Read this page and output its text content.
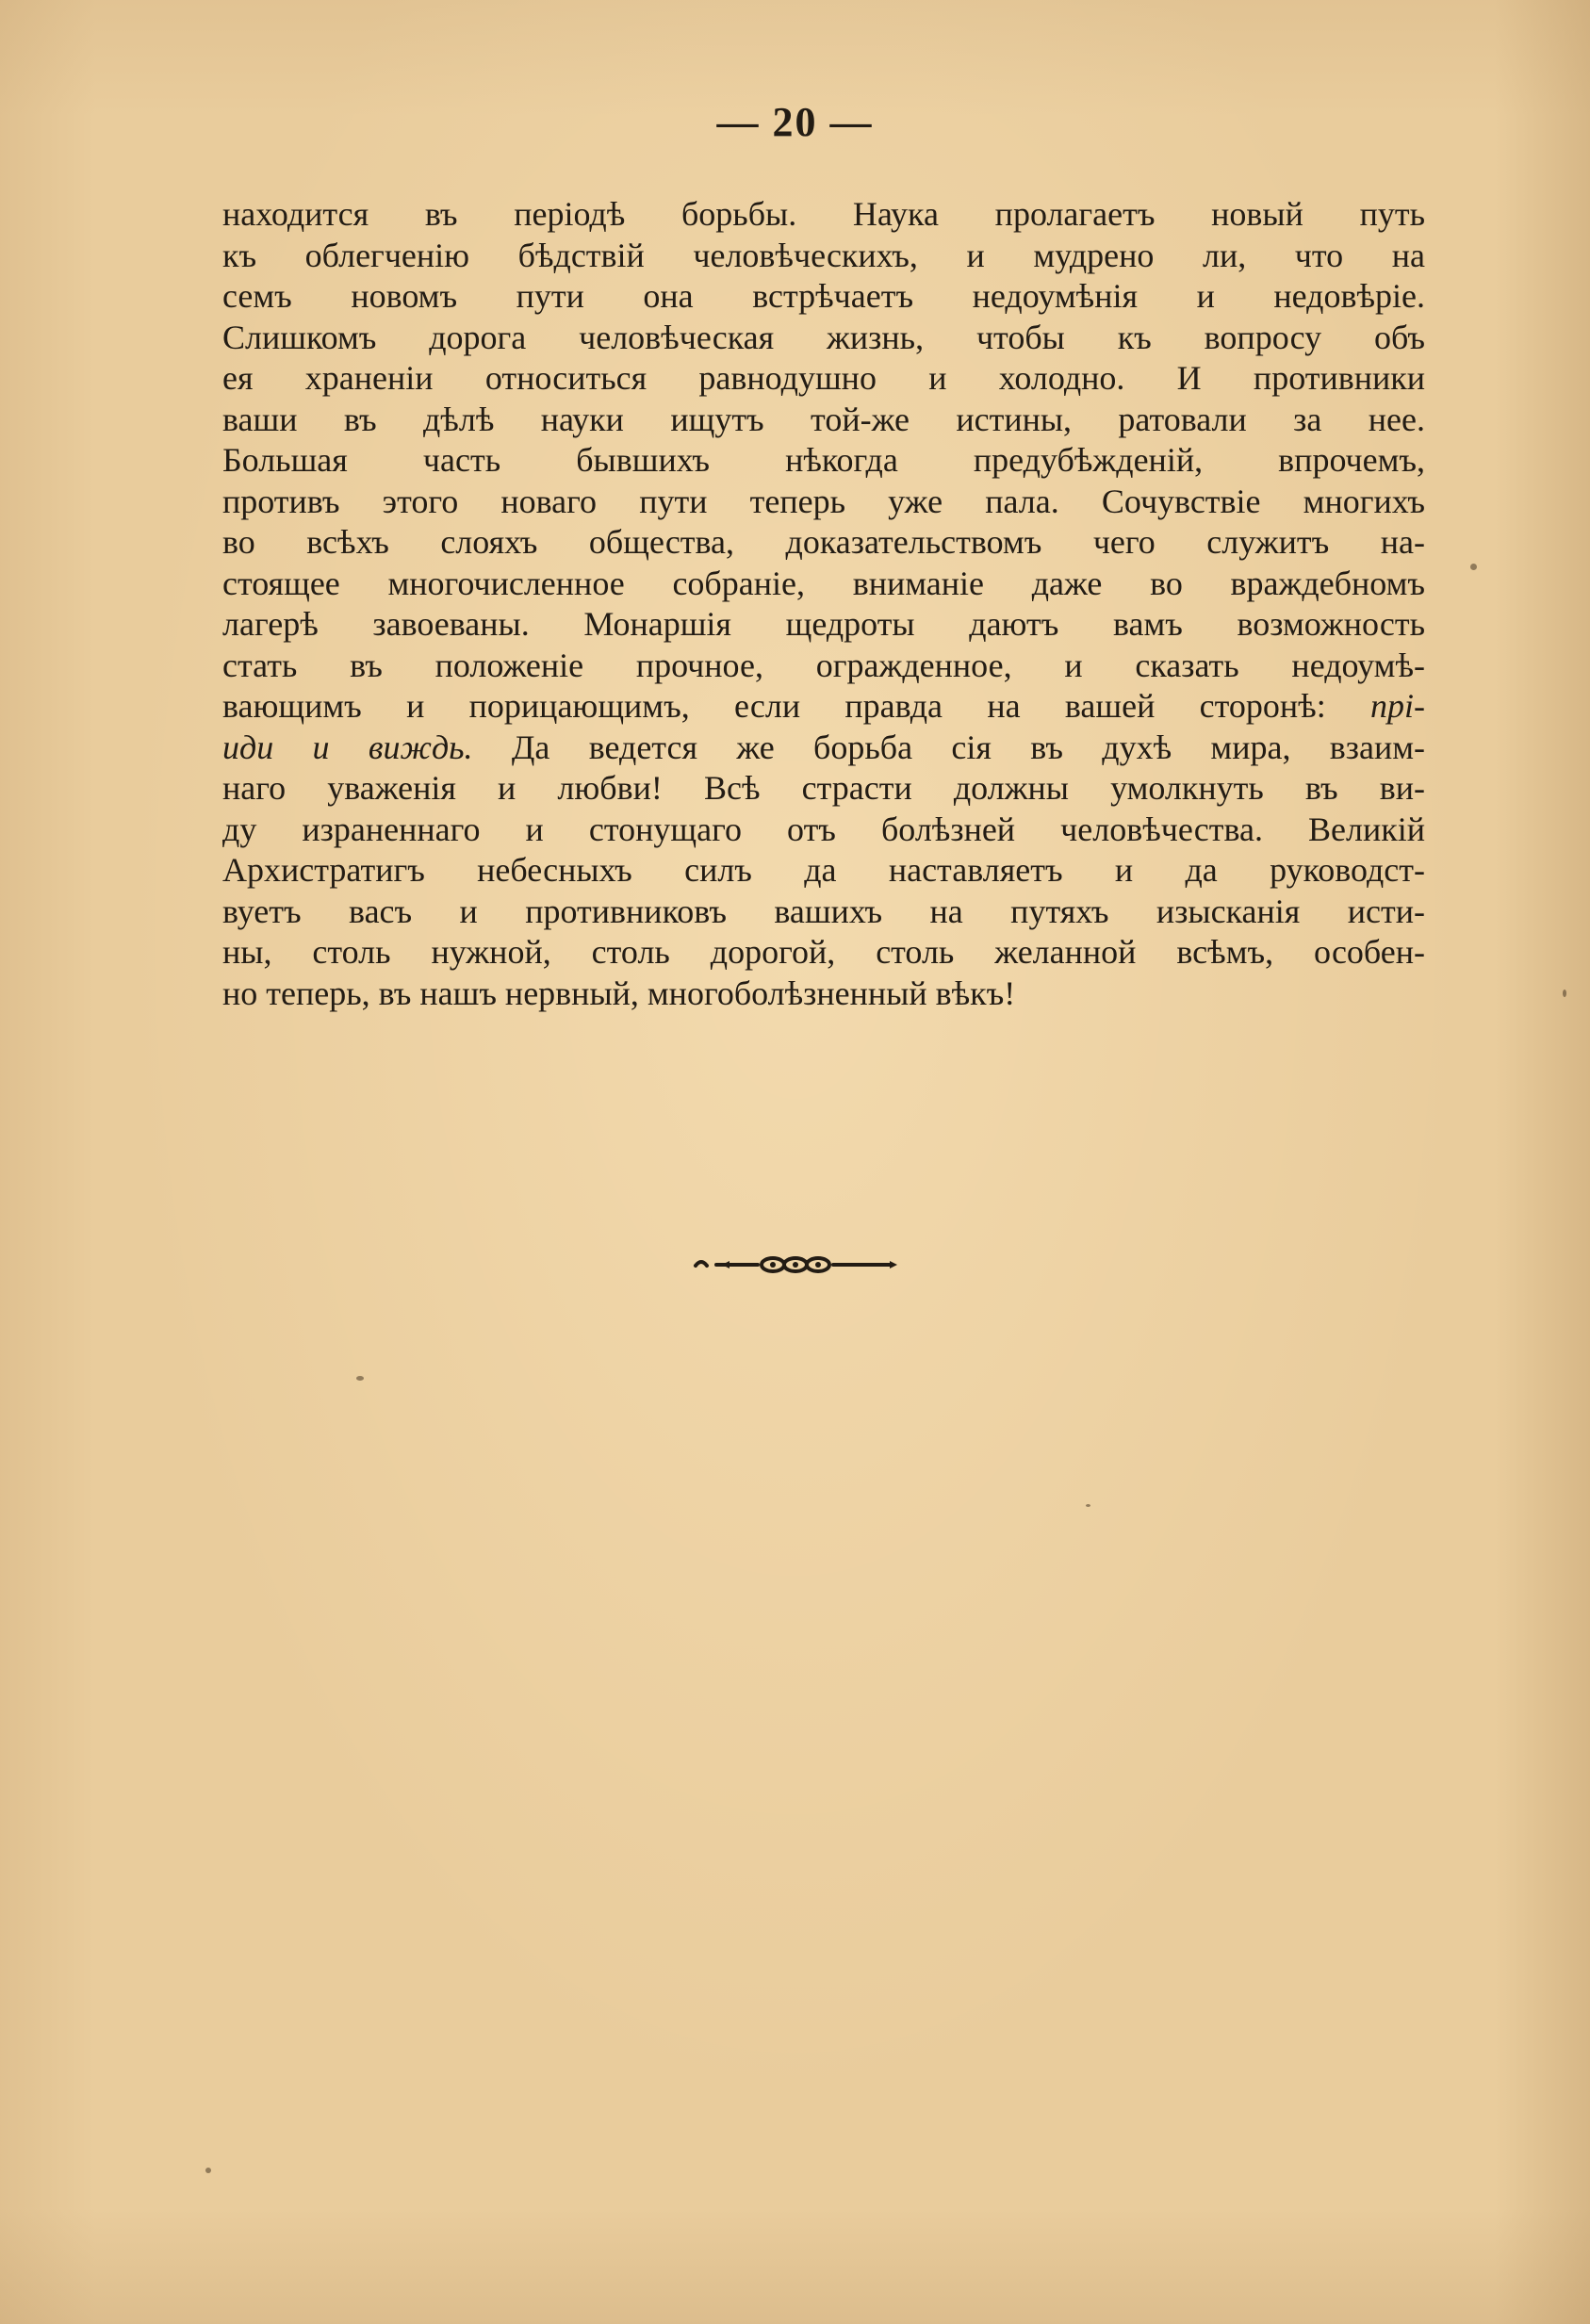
— 20 —
находится въ періодѣ борьбы. Наука пролагаетъ новый путь
къ облегченію бѣдствій человѣческихъ, и мудрено ли, что на
семъ новомъ пути она встрѣчаетъ недоумѣнія и недовѣріе.
Слишкомъ дорога человѣческая жизнь, чтобы къ вопросу объ
ея храненіи относиться равнодушно и холодно. И противники
ваши въ дѣлѣ науки ищутъ той-же истины, ратовали за нее.
Большая часть бывшихъ нѣкогда предубѣжденій, впрочемъ,
противъ этого новаго пути теперь уже пала. Сочувствіе многихъ
во всѣхъ слояхъ общества, доказательствомъ чего служитъ на-
стоящее многочисленное собраніе, вниманіе даже во враждебномъ
лагерѣ завоеваны. Монаршія щедроты даютъ вамъ возможность
стать въ положеніе прочное, огражденное, и сказать недоумѣ-
вающимъ и порицающимъ, если правда на вашей сторонѣ: прі-
иди и виждь. Да ведется же борьба сія въ духѣ мира, взаим-
наго уваженія и любви! Всѣ страсти должны умолкнуть въ ви-
ду израненнаго и стонущаго отъ болѣзней человѣчества. Великій
Архистратигъ небесныхъ силъ да наставляетъ и да руководст-
вуетъ васъ и противниковъ вашихъ на путяхъ изысканія исти-
ны, столь нужной, столь дорогой, столь желанной всѣмъ, особен-
но теперь, въ нашъ нервный, многоболѣзненный вѣкъ!
